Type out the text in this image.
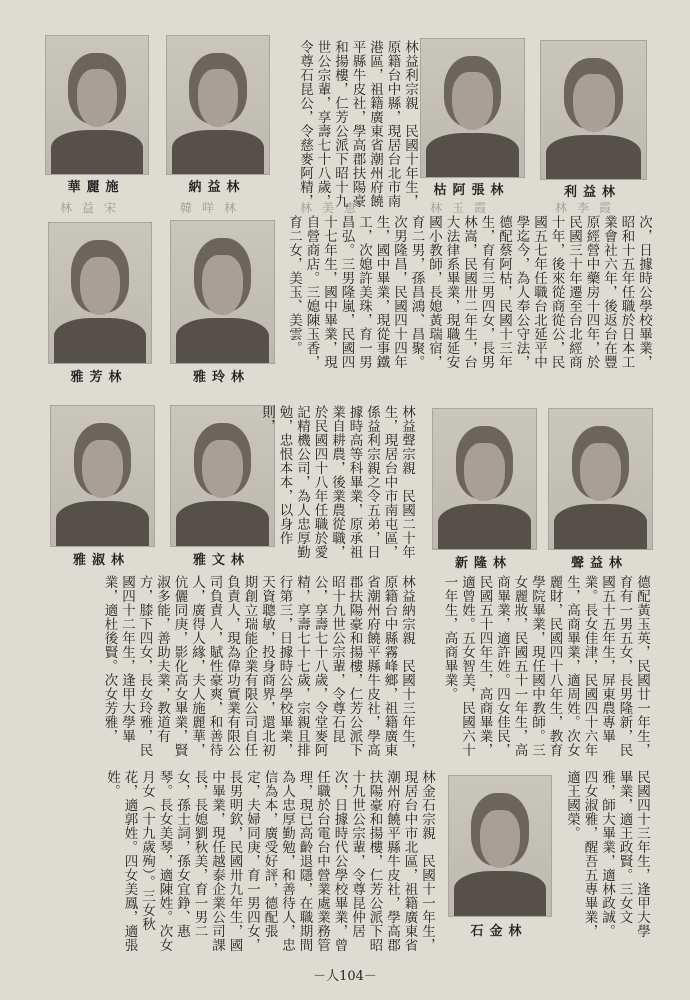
華麗施	納益林	枯阿張林	利益林
林益宋	韓咩林	林美恵	林玉霞	林李霞
林益利宗親　民國十年生，原籍台中縣，現居台北市南港區，祖籍廣東省潮州府饒平縣牛皮社，學高郡扶陽豪和揚樓，仁芳公派下昭十九世公宗輩，享壽七十八歲，令尊石昆公，令慈麥阿精，
雅芳林	雅玲林
次，日據時公學校畢業，昭和十五年任職於日本工業會社六年，後返台在豐原經營中藥房十四年，於民國三十年遷至台北經商十年，後來從商從公，民國五七年任職台北延平中學迄今，為人奉公守法，德配蔡阿枯，民國十三年生，育有三男四女，長男林嵩，民國卅二年生，台大法律系畢業，現職延安國小教師，長媳黃瑞宿，育二男，孫昌鴻、昌聚。次男隆昌，民國四十四年生，國中畢業，現從事鐵工，次媳許美珠，育一男昌弘。三男隆嵐，民國四十七年生，國中畢業，現自營商店。三媳陳玉香，育二女，美玉、美雲。
雅淑林	雅文林
林益聲宗親　民國二十年生，現居台中市南屯區，係益利宗親之令五弟，日據時高等科畢業，原承祖業自耕農，後業農從職，於民國四十八年任職於愛記精機公司，為人忠厚勤勉，忠恨本本，以身作則，
新隆林	聲益林
德配黃玉英，民國廿一年生，育有一男五女，長男隆新，民國五十五年生，屏東農專畢業。長女佳津，民國四十六年生，高商畢業，適周姓。次女麗財，民國四十八年生，教育學院畢業，現任國中教師。三女麗妝，民國五十一年生，高商畢業，適許姓。四女佳民，民國五十四年生，高商畢業，適曾姓。五女智美，民國六十一年生，高商畢業。
林益納宗親　民國十三年生，原籍台中縣霧峰鄉，祖籍廣東省潮州府饒平縣牛皮社，學高郡扶陽豪和揚樓，仁芳公派下昭十九世公宗輩，令尊石昆公，享壽七十八歲，令堂麥阿精，享壽七十七歲，宗親且排行第三，日據時公學校畢業，天資聰敏，投身商界，還北初期創立瑞能企業有限公司自任負責人，現為偉功實業有限公司負責人，賦性豪爽，和善待人，廣得人緣，夫人施麗華，伉儷同庚，影化高女畢業，賢淑多能，善助夫業，教道有方，膝下四女，長女玲雅，民國四十二年生，逢甲大學畢業，適杜後賢。次女芳雅，
民國四十三年生，逢甲大學畢業，適王政賢。三女文雅，師大畢業，適林政誠。四女淑雅，醒吾五專畢業，適王國榮。
石金林
林金石宗親　民國十一年生，現居台中市北區，祖籍廣東省潮州府饒平縣牛皮社，學高郡扶陽豪和揚樓，仁芳公派下昭十九世公宗輩，令尊昆仲居次，日據時代公學校畢業，曾任職於台電台中營業處業務管理，現已高齡退隱，在職期間為人忠厚勤勉，和善待人，忠信為本，廣受好評，德配張定，夫婦同庚，育一男四女，長男明欽，民國卅九年生，國中畢業，現任越泰企業公司課長，長媳劉秋美，育一男二女，孫士詞，孫女宜錚、惠琴。長女美琴，適陳姓。次女月女（十九歲殉）。三女秋花，適郭姓。四女美鳳，適張姓。
－人104－
